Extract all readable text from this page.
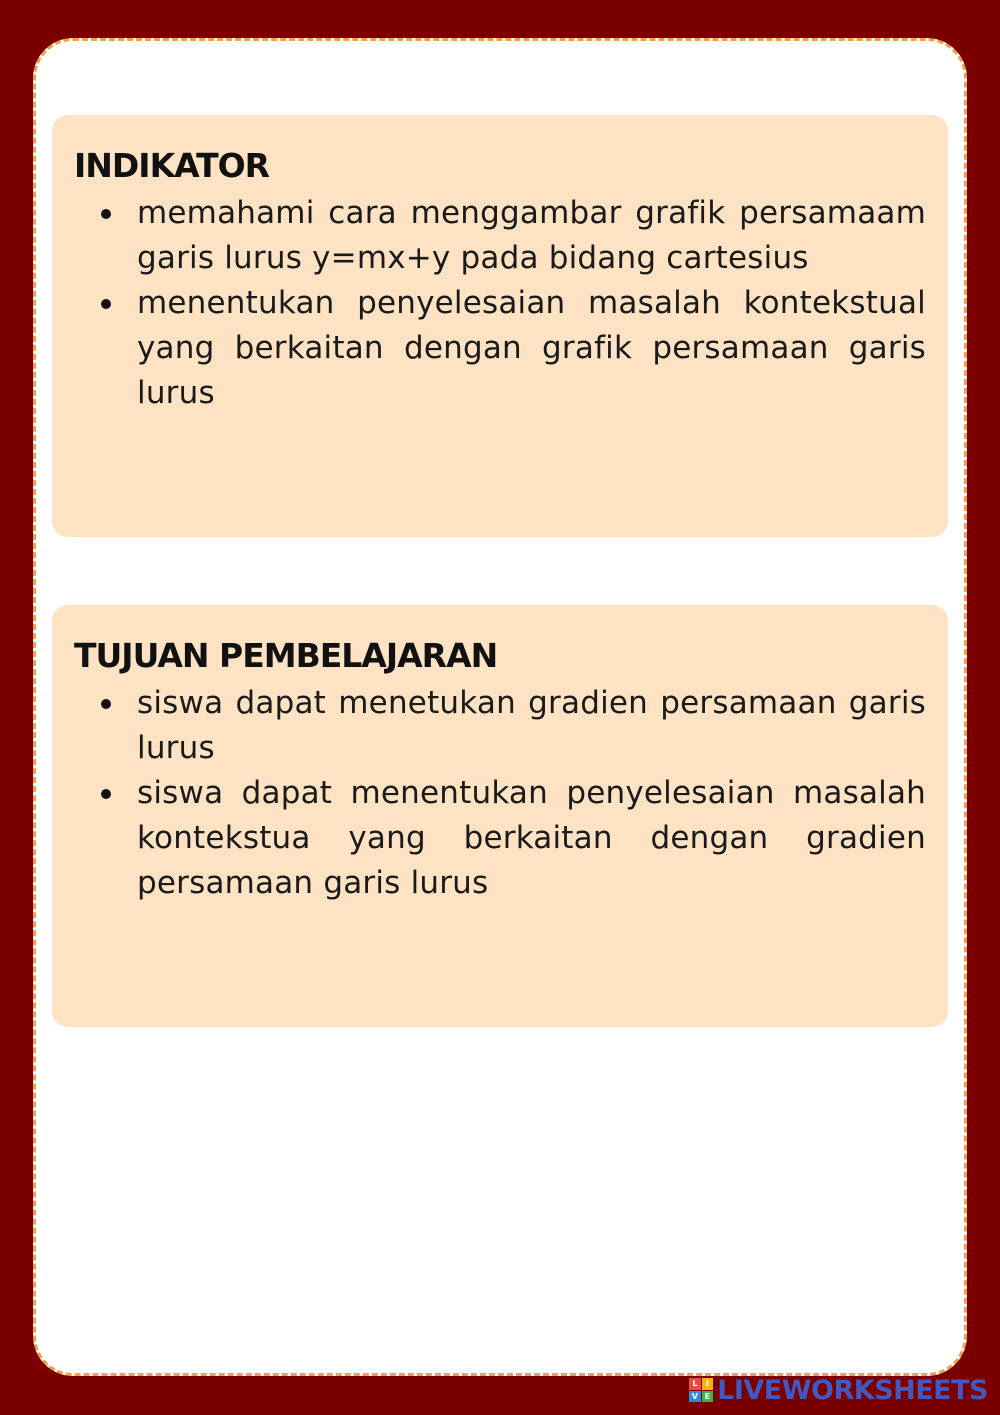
INDIKATOR
memahami cara menggambar grafik persamaam garis lurus y=mx+y pada bidang cartesius
menentukan penyelesaian masalah kontekstual yang berkaitan dengan grafik persamaan garis lurus
TUJUAN PEMBELAJARAN
siswa dapat menetukan gradien persamaan garis lurus
siswa dapat menentukan penyelesaian masalah kontekstua yang berkaitan dengan gradien persamaan garis lurus
L	I
V E LIVEWORKSHEETS
